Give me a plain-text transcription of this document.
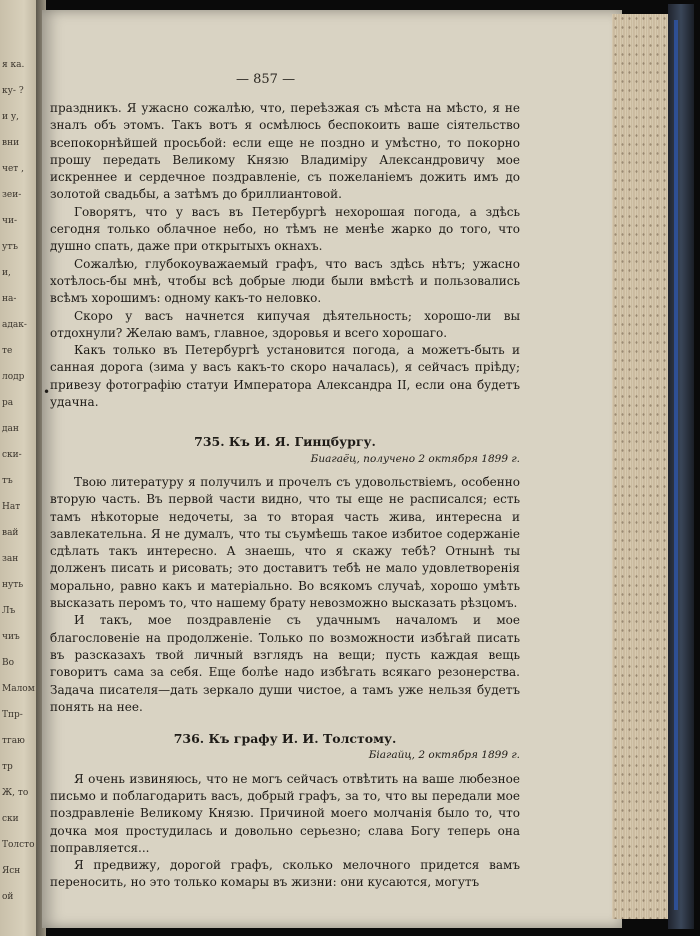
я ка.
ку- ?
и у,
вни
чет ,
зеи-
чи-
утъ
и,
на-
адак-
те
лодр
ра
дан
ски-
тъ
Нат
вай
зан
нуть
Лъ
чиъ
Во
Малом
Тпр-
тгаю
тр
Ж, то
ски
Толсто
Ясн
ой
— 857 —

праздникъ. Я ужасно сожалѣю, что, переѣзжая съ мѣста на мѣсто, я не зналъ объ этомъ. Такъ вотъ я осмѣлюсь беспокоить ваше сіятельство всепокорнѣйшей просьбой: если еще не поздно и умѣстно, то покорно прошу передать Великому Князю Владиміру Александровичу мое искреннее и сердечное поздравленіе, съ пожеланіемъ дожить имъ до золотой свадьбы, а затѣмъ до бриллиантовой.

Говорятъ, что у васъ въ Петербургѣ нехорошая погода, а здѣсь сегодня только облачное небо, но тѣмъ не менѣе жарко до того, что душно спать, даже при открытыхъ окнахъ.

Сожалѣю, глубокоуважаемый графъ, что васъ здѣсь нѣтъ; ужасно хотѣлось-бы мнѣ, чтобы всѣ добрые люди были вмѣстѣ и пользовались всѣмъ хорошимъ: одному какъ-то неловко.

Скоро у васъ начнется кипучая дѣятельность; хорошо-ли вы отдохнули? Желаю вамъ, главное, здоровья и всего хорошаго.

Какъ только въ Петербургѣ установится погода, а можетъ-быть и санная дорога (зима у васъ какъ-то скоро началась), я сейчасъ пріѣду; привезу фотографію статуи Императора Александра II, если она будетъ удачна.

735. Къ И. Я. Гинцбургу.
Биагаёц, получено 2 октября 1899 г.

Твою литературу я получилъ и прочелъ съ удовольствіемъ, особенно вторую часть. Въ первой части видно, что ты еще не расписался; есть тамъ нѣкоторые недочеты, за то вторая часть жива, интересна и завлекательна. Я не думалъ, что ты съумѣешь такое избитое содержаніе сдѣлать такъ интересно. А знаешь, что я скажу тебѣ? Отнынѣ ты долженъ писать и рисовать; это доставитъ тебѣ не мало удовлетворенія морально, равно какъ и матеріально. Во всякомъ случаѣ, хорошо умѣть высказать перомъ то, что нашему брату невозможно высказать рѣзцомъ.

И такъ, мое поздравленіе съ удачнымъ началомъ и мое благословеніе на продолженіе. Только по возможности избѣгай писать въ разсказахъ твой личный взглядъ на вещи; пусть каждая вещь говоритъ сама за себя. Еще болѣе надо избѣгать всякаго резонерства. Задача писателя—дать зеркало души чистое, а тамъ уже нельзя будетъ понять на нее.

736. Къ графу И. И. Толстому.
Біагайц, 2 октября 1899 г.

Я очень извиняюсь, что не могъ сейчасъ отвѣтить на ваше любезное письмо и поблагодарить васъ, добрый графъ, за то, что вы передали мое поздравленіе Великому Князю. Причиной моего молчанія было то, что дочка моя простудилась и довольно серьезно; слава Богу теперь она поправляется...

Я предвижу, дорогой графъ, сколько мелочного придется вамъ переносить, но это только комары въ жизни: они кусаются, могутъ

•
